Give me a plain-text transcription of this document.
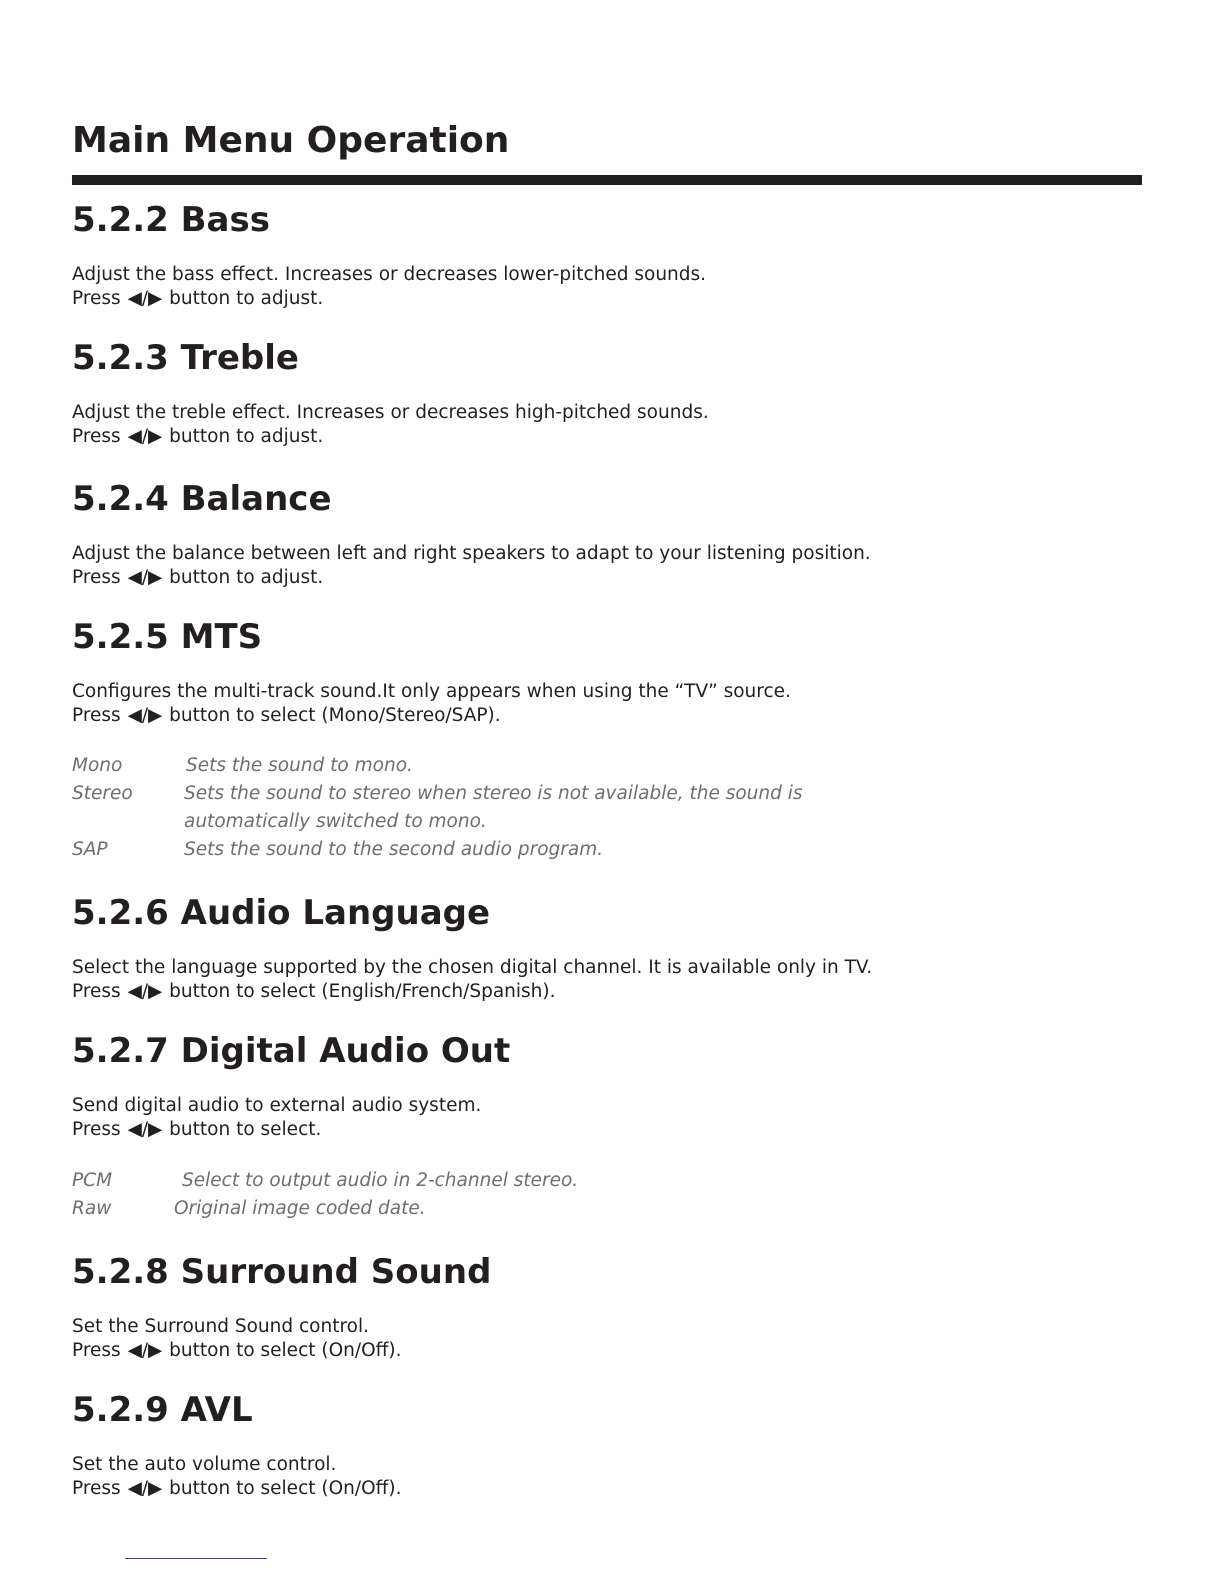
Main Menu Operation
5.2.2 Bass

Adjust the bass effect. Increases or decreases lower-pitched sounds.
Press ◀/▶ button to adjust.

5.2.3 Treble

Adjust the treble effect. Increases or decreases high-pitched sounds.
Press ◀/▶ button to adjust.

5.2.4 Balance

Adjust the balance between left and right speakers to adapt to your listening position.
Press ◀/▶ button to adjust.

5.2.5 MTS

Configures the multi-track sound.It only appears when using the “TV” source.
Press ◀/▶ button to select (Mono/Stereo/SAP).

Mono	Sets the sound to mono.
Stereo	Sets the sound to stereo when stereo is not available, the sound is automatically switched to mono.
SAP	Sets the sound to the second audio program.
5.2.6 Audio Language

Select the language supported by the chosen digital channel. It is available only in TV.
Press ◀/▶ button to select (English/French/Spanish).

5.2.7 Digital Audio Out

Send digital audio to external audio system.
Press ◀/▶ button to select.

PCM	Select to output audio in 2-channel stereo.
Raw	Original image coded date.
5.2.8 Surround Sound

Set the Surround Sound control.
Press ◀/▶ button to select (On/Off).

5.2.9 AVL

Set the auto volume control.
Press ◀/▶ button to select (On/Off).
